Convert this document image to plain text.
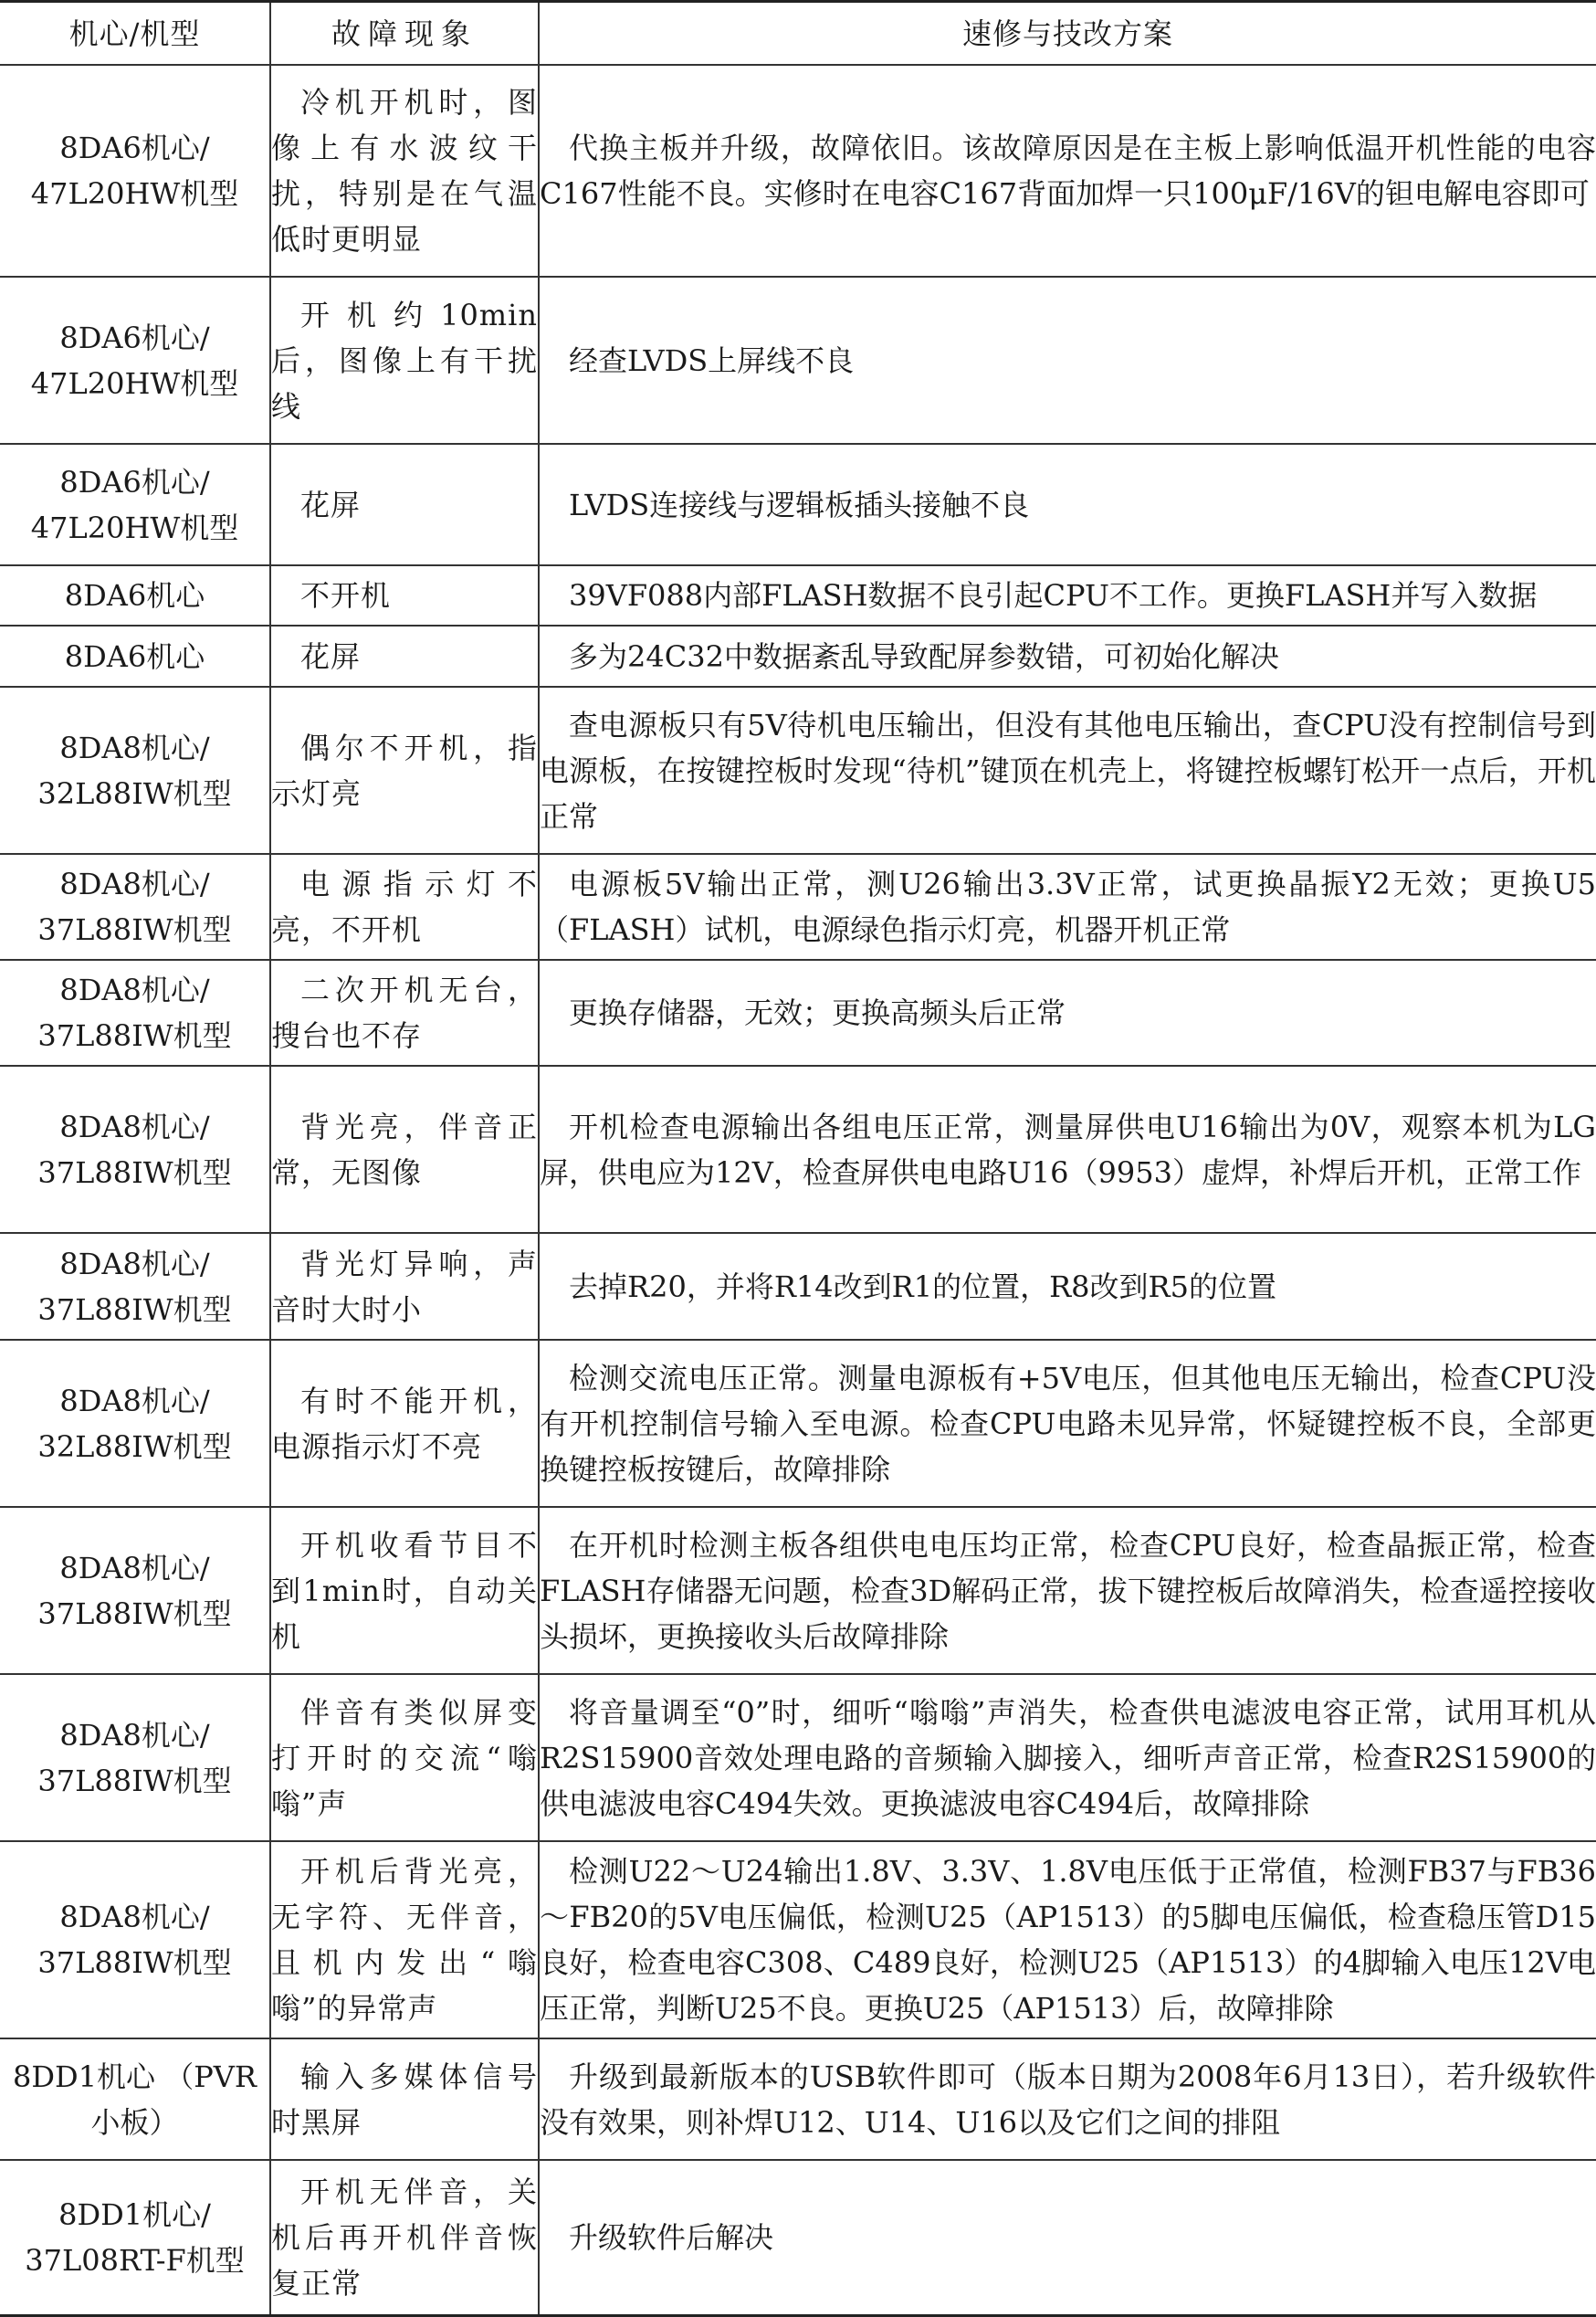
机心/机型	故障现象	速修与技改方案
8DA6机心/ 47L20HW机型	冷机开机时，图像上有水波纹干扰，特别是在气温低时更明显	代换主板并升级，故障依旧。该故障原因是在主板上影响低温开机性能的电容C167性能不良。实修时在电容C167背面加焊一只100μF/16V的钽电解电容即可
8DA6机心/ 47L20HW机型	开机约10min后，图像上有干扰线	经查LVDS上屏线不良
8DA6机心/ 47L20HW机型	花屏	LVDS连接线与逻辑板插头接触不良
8DA6机心	不开机	39VF088内部FLASH数据不良引起CPU不工作。更换FLASH并写入数据
8DA6机心	花屏	多为24C32中数据紊乱导致配屏参数错，可初始化解决
8DA8机心/ 32L88IW机型	偶尔不开机，指示灯亮	查电源板只有5V待机电压输出，但没有其他电压输出，查CPU没有控制信号到电源板，在按键控板时发现“待机”键顶在机壳上，将键控板螺钉松开一点后，开机正常
8DA8机心/ 37L88IW机型	电源指示灯不亮，不开机	电源板5V输出正常，测U26输出3.3V正常，试更换晶振Y2无效；更换U5（FLASH）试机，电源绿色指示灯亮，机器开机正常
8DA8机心/ 37L88IW机型	二次开机无台，搜台也不存	更换存储器，无效；更换高频头后正常
8DA8机心/ 37L88IW机型	背光亮，伴音正常，无图像	开机检查电源输出各组电压正常，测量屏供电U16输出为0V，观察本机为LG屏，供电应为12V，检查屏供电电路U16（9953）虚焊，补焊后开机，正常工作
8DA8机心/ 37L88IW机型	背光灯异响，声音时大时小	去掉R20，并将R14改到R1的位置，R8改到R5的位置
8DA8机心/ 32L88IW机型	有时不能开机，电源指示灯不亮	检测交流电压正常。测量电源板有+5V电压，但其他电压无输出，检查CPU没有开机控制信号输入至电源。检查CPU电路未见异常，怀疑键控板不良，全部更换键控板按键后，故障排除
8DA8机心/ 37L88IW机型	开机收看节目不到1min时，自动关机	在开机时检测主板各组供电电压均正常，检查CPU良好，检查晶振正常，检查FLASH存储器无问题，检查3D解码正常，拔下键控板后故障消失，检查遥控接收头损坏，更换接收头后故障排除
8DA8机心/ 37L88IW机型	伴音有类似屏变打开时的交流“嗡嗡”声	将音量调至“0”时，细听“嗡嗡”声消失，检查供电滤波电容正常，试用耳机从R2S15900音效处理电路的音频输入脚接入，细听声音正常，检查R2S15900的供电滤波电容C494失效。更换滤波电容C494后，故障排除
8DA8机心/ 37L88IW机型	开机后背光亮，无字符、无伴音，且机内发出“嗡嗡”的异常声	检测U22～U24输出1.8V、3.3V、1.8V电压低于正常值，检测FB37与FB36～FB20的5V电压偏低，检测U25（AP1513）的5脚电压偏低，检查稳压管D15良好，检查电容C308、C489良好，检测U25（AP1513）的4脚输入电压12V电压正常，判断U25不良。更换U25（AP1513）后，故障排除
8DD1机心 （PVR小板）	输入多媒体信号时黑屏	升级到最新版本的USB软件即可（版本日期为2008年6月13日），若升级软件没有效果，则补焊U12、U14、U16以及它们之间的排阻
8DD1机心/ 37L08RT-F机型	开机无伴音，关机后再开机伴音恢复正常	升级软件后解决
